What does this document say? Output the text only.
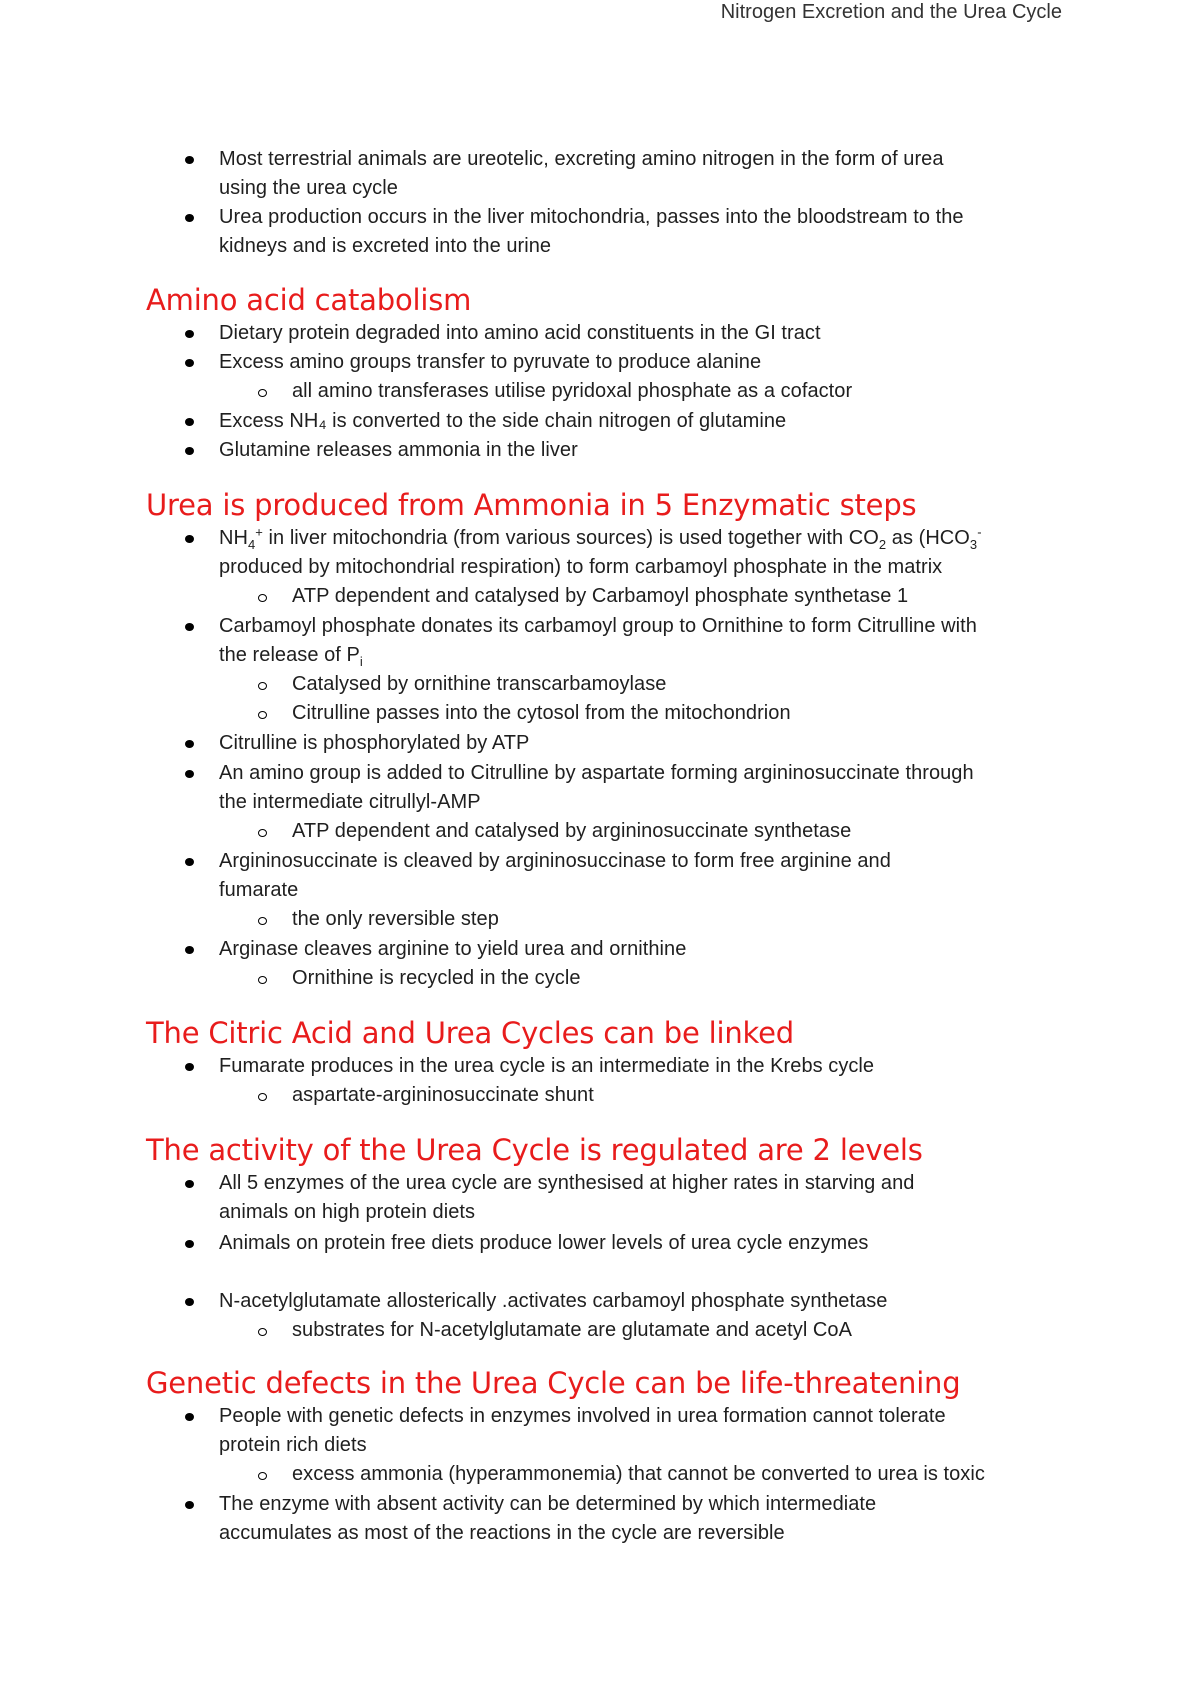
Nitrogen Excretion and the Urea Cycle
Most terrestrial animals are ureotelic, excreting amino nitrogen in the form of urea
using the urea cycle
Urea production occurs in the liver mitochondria, passes into the bloodstream to the
kidneys and is excreted into the urine
Amino acid catabolism
Dietary protein degraded into amino acid constituents in the GI tract
Excess amino groups transfer to pyruvate to produce alanine
all amino transferases utilise pyridoxal phosphate as a cofactor
Excess NH₄ is converted to the side chain nitrogen of glutamine
Glutamine releases ammonia in the liver
Urea is produced from Ammonia in 5 Enzymatic steps
$NH_4^+$ in liver mitochondria (from various sources) is used together with $CO_2$ as ($HCO_3^-$
produced by mitochondrial respiration) to form carbamoyl phosphate in the matrix
ATP dependent and catalysed by Carbamoyl phosphate synthetase 1
Carbamoyl phosphate donates its carbamoyl group to Ornithine to form Citrulline with
the release of $P_i$
Catalysed by ornithine transcarbamoylase
Citrulline passes into the cytosol from the mitochondrion
Citrulline is phosphorylated by ATP
An amino group is added to Citrulline by aspartate forming argininosuccinate through
the intermediate citrullyl-AMP
ATP dependent and catalysed by argininosuccinate synthetase
Argininosuccinate is cleaved by argininosuccinase to form free arginine and
fumarate
the only reversible step
Arginase cleaves arginine to yield urea and ornithine
Ornithine is recycled in the cycle
The Citric Acid and Urea Cycles can be linked
Fumarate produces in the urea cycle is an intermediate in the Krebs cycle
aspartate-argininosuccinate shunt
The activity of the Urea Cycle is regulated are 2 levels
All 5 enzymes of the urea cycle are synthesised at higher rates in starving and
animals on high protein diets
Animals on protein free diets produce lower levels of urea cycle enzymes
N-acetylglutamate allosterically .activates carbamoyl phosphate synthetase
substrates for N-acetylglutamate are glutamate and acetyl CoA
Genetic defects in the Urea Cycle can be life-threatening
People with genetic defects in enzymes involved in urea formation cannot tolerate
protein rich diets
excess ammonia (hyperammonemia) that cannot be converted to urea is toxic
The enzyme with absent activity can be determined by which intermediate
accumulates as most of the reactions in the cycle are reversible
